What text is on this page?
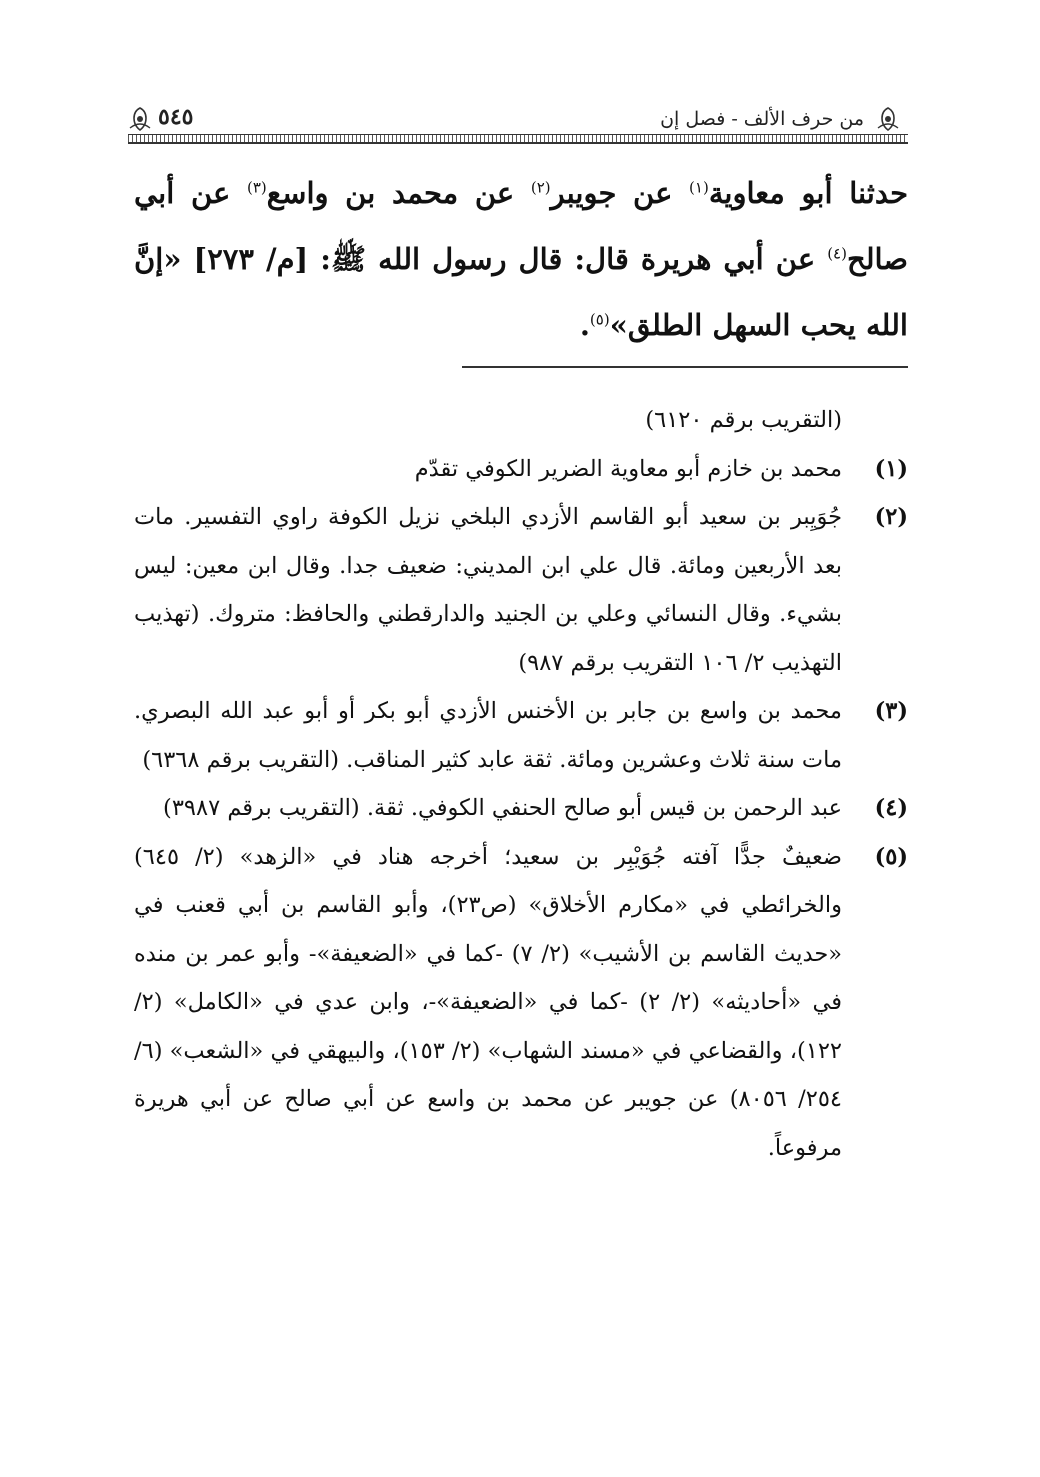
من حرف الألف - فصل إن
٥٤٥

حدثنا أبو معاوية$^{(١)}$ عن جويبر$^{(٢)}$ عن محمد بن واسع$^{(٣)}$ عن أبي صالح$^{(٤)}$ عن أبي هريرة قال: قال رسول الله ﷺ: [م/ ٢٧٣] «إنَّ الله يحب السهل الطلق»$^{(٥)}$.

(التقريب برقم ٦١٢٠)

(١)
محمد بن خازم أبو معاوية الضرير الكوفي تقدّم
(٢)
جُوَيِبر بن سعيد أبو القاسم الأزدي البلخي نزيل الكوفة راوي التفسير. مات بعد الأربعين ومائة. قال علي ابن المديني: ضعيف جدا. وقال ابن معين: ليس بشيء. وقال النسائي وعلي بن الجنيد والدارقطني والحافظ: متروك. (تهذيب التهذيب ٢/ ١٠٦ التقريب برقم ٩٨٧)
(٣)
محمد بن واسع بن جابر بن الأخنس الأزدي أبو بكر أو أبو عبد الله البصري. مات سنة ثلاث وعشرين ومائة. ثقة عابد كثير المناقب. (التقريب برقم ٦٣٦٨)
(٤)
عبد الرحمن بن قيس أبو صالح الحنفي الكوفي. ثقة. (التقريب برقم ٣٩٨٧)
(٥)
ضعيفٌ جدًّا آفته جُوَيْبِر بن سعيد؛ أخرجه هناد في «الزهد» (٢/ ٦٤٥) والخرائطي في «مكارم الأخلاق» (ص٢٣)، وأبو القاسم بن أبي قعنب في «حديث القاسم بن الأشيب» (٢/ ٧) -كما في «الضعيفة»- وأبو عمر بن منده في «أحاديثه» (٢/ ٢) -كما في «الضعيفة»-، وابن عدي في «الكامل» (٢/ ١٢٢)، والقضاعي في «مسند الشهاب» (٢/ ١٥٣)، والبيهقي في «الشعب» (٦/ ٢٥٤/ ٨٠٥٦) عن جويبر عن محمد بن واسع عن أبي صالح عن أبي هريرة مرفوعاً.
